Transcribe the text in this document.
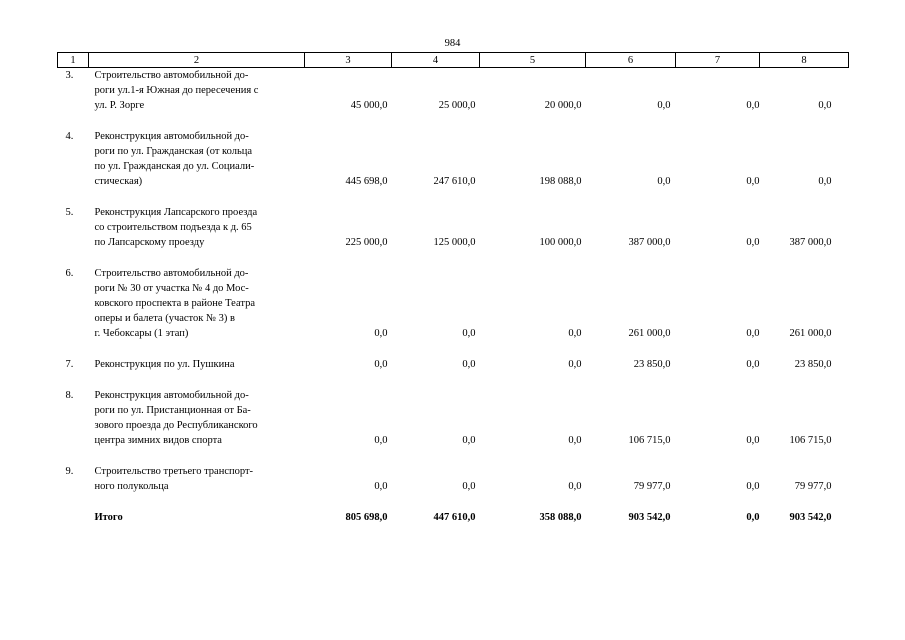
984
1	2	3	4	5	6	7	8
3.	Строительство автомобильной до-
роги ул.1-я Южная до пересечения с
ул. Р. Зорге	45 000,0	25 000,0	20 000,0	0,0	0,0	0,0

4.	Реконструкция автомобильной до-
роги по ул. Гражданская (от кольца
по ул. Гражданская до ул. Социали-
стическая)	445 698,0	247 610,0	198 088,0	0,0	0,0	0,0

5.	Реконструкция Лапсарского проезда
со строительством подъезда к д. 65
по Лапсарскому проезду	225 000,0	125 000,0	100 000,0	387 000,0	0,0	387 000,0

6.	Строительство автомобильной до-
роги № 30 от участка № 4 до Мос-
ковского проспекта в районе Театра
оперы и балета (участок № 3) в
г. Чебоксары (1 этап)	0,0	0,0	0,0	261 000,0	0,0	261 000,0

7.	Реконструкция по ул. Пушкина	0,0	0,0	0,0	23 850,0	0,0	23 850,0

8.	Реконструкция автомобильной до-
роги по ул. Пристанционная от Ба-
зового проезда до Республиканского
центра зимних видов спорта	0,0	0,0	0,0	106 715,0	0,0	106 715,0

9.	Строительство третьего транспорт-
ного полукольца	0,0	0,0	0,0	79 977,0	0,0	79 977,0

	Итого	805 698,0	447 610,0	358 088,0	903 542,0	0,0	903 542,0
